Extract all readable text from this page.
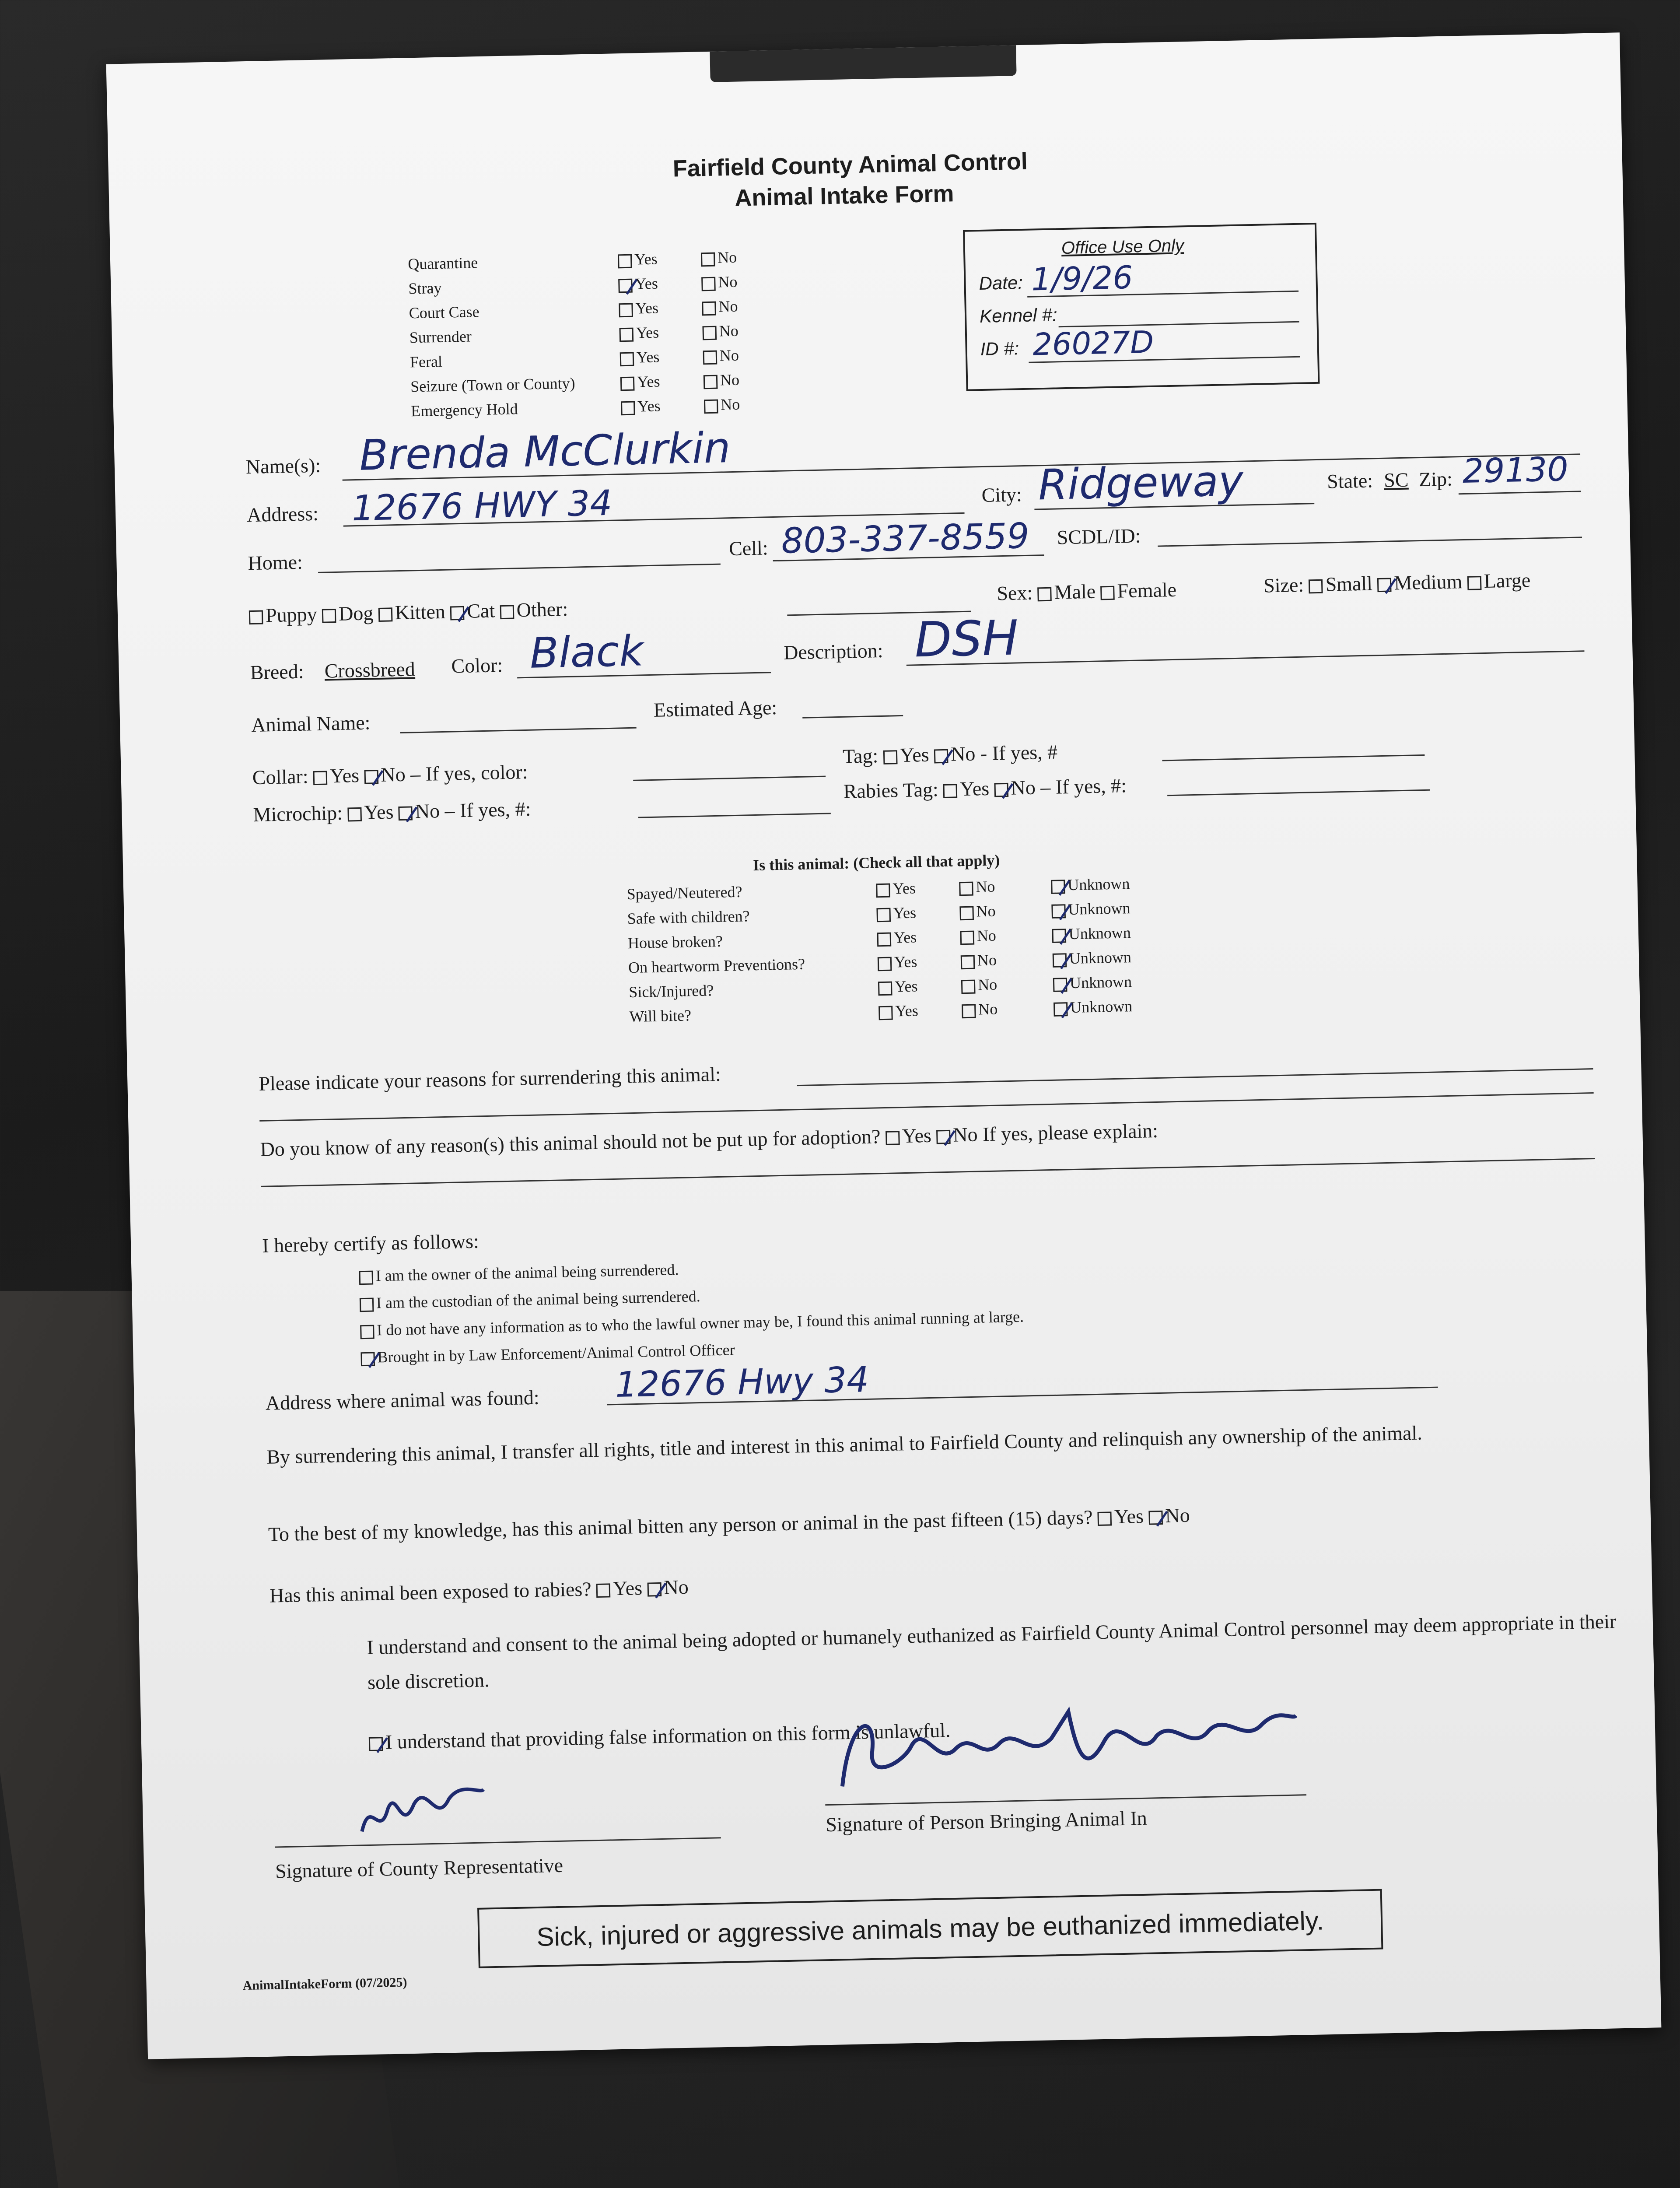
Fairfield County Animal Control
Animal Intake Form
Quarantine	Yes	No
Stray	Yes	No
Court Case	Yes	No
Surrender	Yes	No
Feral	Yes	No
Seizure (Town or County)	Yes	No
Emergency Hold	Yes	No
Office Use Only
Date: 1/9/26
Kennel #:
ID #: 26027D
Name(s): Brenda McClurkin
Address: 12676 HWY 34	City: Ridgeway	State: SC Zip: 29130
Home:
Cell: 803-337-8559 SCDL/ID:
Puppy Dog Kitten Cat Other:
Sex: Male Female	Size: Small Medium Large
Breed: Crossbreed Color: Black	Description: DSH
Animal Name:
Estimated Age:
Collar: Yes No – If yes, color:
Microchip: Yes No – If yes, #:
Tag: Yes No - If yes, #
Rabies Tag: Yes No – If yes, #:
Is this animal: (Check all that apply)
Spayed/Neutered?	Yes	No	Unknown
Safe with children?	Yes	No	Unknown
House broken?	Yes	No	Unknown
On heartworm Preventions?	Yes	No	Unknown
Sick/Injured?	Yes	No	Unknown
Will bite?	Yes	No	Unknown
Please indicate your reasons for surrendering this animal:
Do you know of any reason(s) this animal should not be put up for adoption? Yes No If yes, please explain:
I hereby certify as follows:
I am the owner of the animal being surrendered.
I am the custodian of the animal being surrendered.
I do not have any information as to who the lawful owner may be, I found this animal running at large.
Brought in by Law Enforcement/Animal Control Officer
Address where animal was found: 12676 Hwy 34
By surrendering this animal, I transfer all rights, title and interest in this animal to Fairfield County and relinquish any ownership of the animal.
To the best of my knowledge, has this animal bitten any person or animal in the past fifteen (15) days? Yes No
Has this animal been exposed to rabies? Yes No
I understand and consent to the animal being adopted or humanely euthanized as Fairfield County Animal Control personnel may deem appropriate in their sole discretion.
I understand that providing false information on this form is unlawful.
Signature of County Representative
Signature of Person Bringing Animal In
Sick, injured or aggressive animals may be euthanized immediately.
AnimalIntakeForm (07/2025)
